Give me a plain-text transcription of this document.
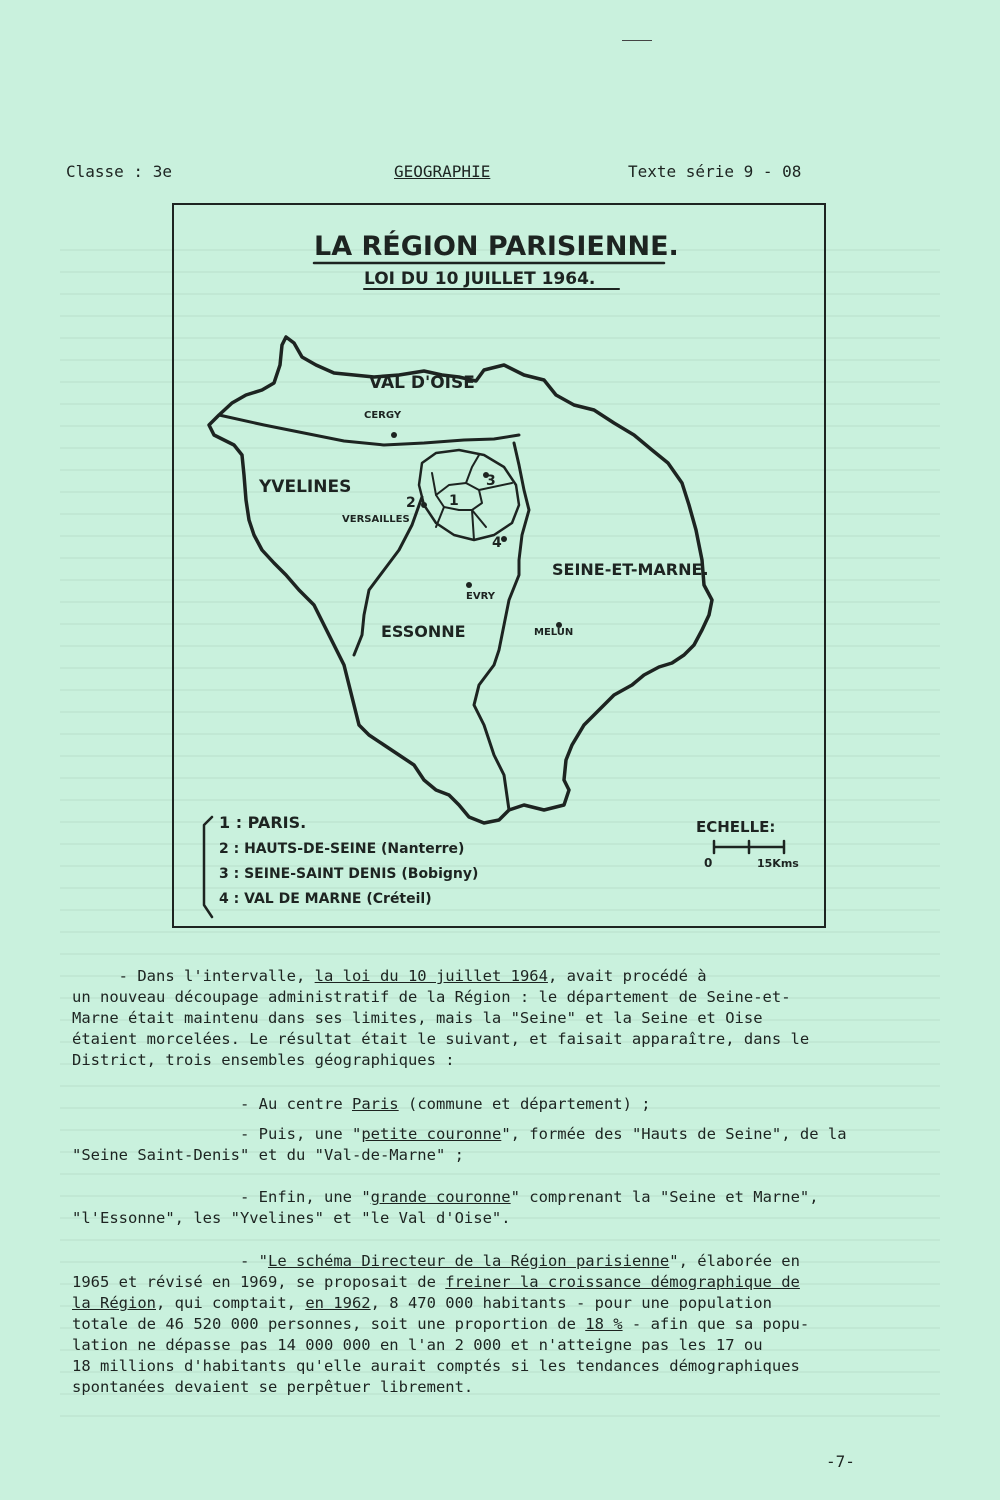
Classe : 3e	GEOGRAPHIE	Texte série 9 - 08
LA RÉGION PARISIENNE.
LOI DU 10 JUILLET 1964.
VAL D'OISE
CERGY
YVELINES
VERSAILLES
2 1
3
4
SEINE-ET-MARNE.
EVRY
ESSONNE	MELUN
1 : PARIS.
2 : HAUTS-DE-SEINE (Nanterre)
3 : SEINE-SAINT DENIS (Bobigny)
4 : VAL DE MARNE (Créteil)
ECHELLE:
0	15Kms
- Dans l'intervalle, la loi du 10 juillet 1964, avait procédé à
un nouveau découpage administratif de la Région : le département de Seine-et-
Marne était maintenu dans ses limites, mais la "Seine" et la Seine et Oise
étaient morcelées. Le résultat était le suivant, et faisait apparaître, dans le
District, trois ensembles géographiques :
- Au centre Paris (commune et département) ;
- Puis, une "petite couronne", formée des "Hauts de Seine", de la
"Seine Saint-Denis" et du "Val-de-Marne" ;
- Enfin, une "grande couronne" comprenant la "Seine et Marne",
"l'Essonne", les "Yvelines" et "le Val d'Oise".
- "Le schéma Directeur de la Région parisienne", élaborée en
1965 et révisé en 1969, se proposait de freiner la croissance démographique de
la Région, qui comptait, en 1962, 8 470 000 habitants - pour une population
totale de 46 520 000 personnes, soit une proportion de 18 % - afin que sa popu-
lation ne dépasse pas 14 000 000 en l'an 2 000 et n'atteigne pas les 17 ou
18 millions d'habitants qu'elle aurait comptés si les tendances démographiques
spontanées devaient se perpêtuer librement.
-7-
